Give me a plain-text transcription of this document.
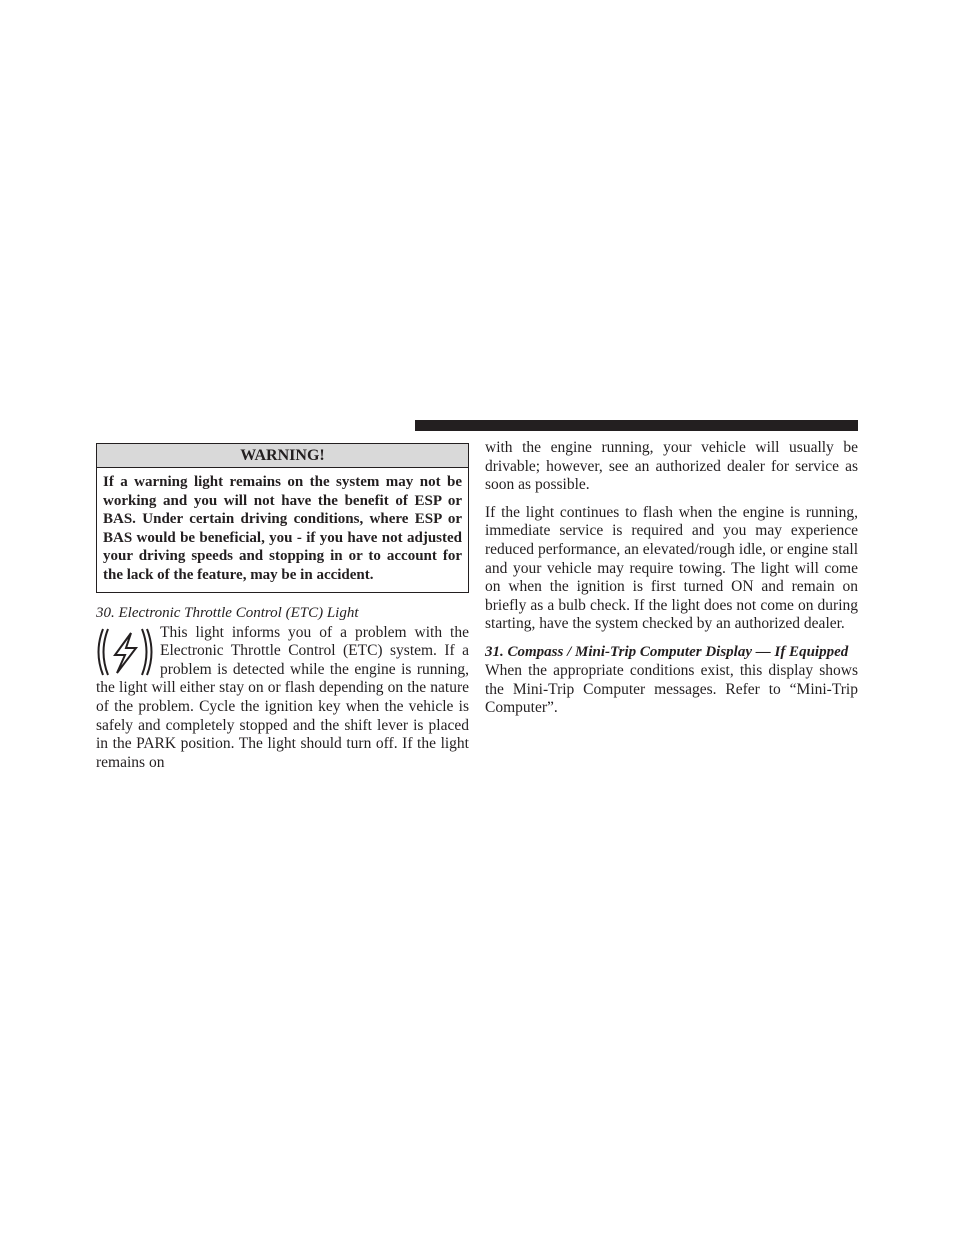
WARNING!
If a warning light remains on the system may not be working and you will not have the benefit of ESP or BAS. Under certain driving conditions, where ESP or BAS would be beneficial, you - if you have not adjusted your driving speeds and stopping in or to account for the lack of the feature, may be in accident.
30. Electronic Throttle Control (ETC) Light
This light informs you of a problem with the Electronic Throttle Control (ETC) system. If a problem is detected while the engine is running, the light will either stay on or flash depending on the nature of the problem. Cycle the ignition key when the vehicle is safely and completely stopped and the shift lever is placed in the PARK position. The light should turn off. If the light remains on

with the engine running, your vehicle will usually be drivable; however, see an authorized dealer for service as soon as possible.

If the light continues to flash when the engine is running, immediate service is required and you may experience reduced performance, an elevated/rough idle, or engine stall and your vehicle may require towing. The light will come on when the ignition is first turned ON and remain on briefly as a bulb check. If the light does not come on during starting, have the system checked by an authorized dealer.

31. Compass / Mini-Trip Computer Display — If Equipped

When the appropriate conditions exist, this display shows the Mini-Trip Computer messages. Refer to “Mini-Trip Computer”.
